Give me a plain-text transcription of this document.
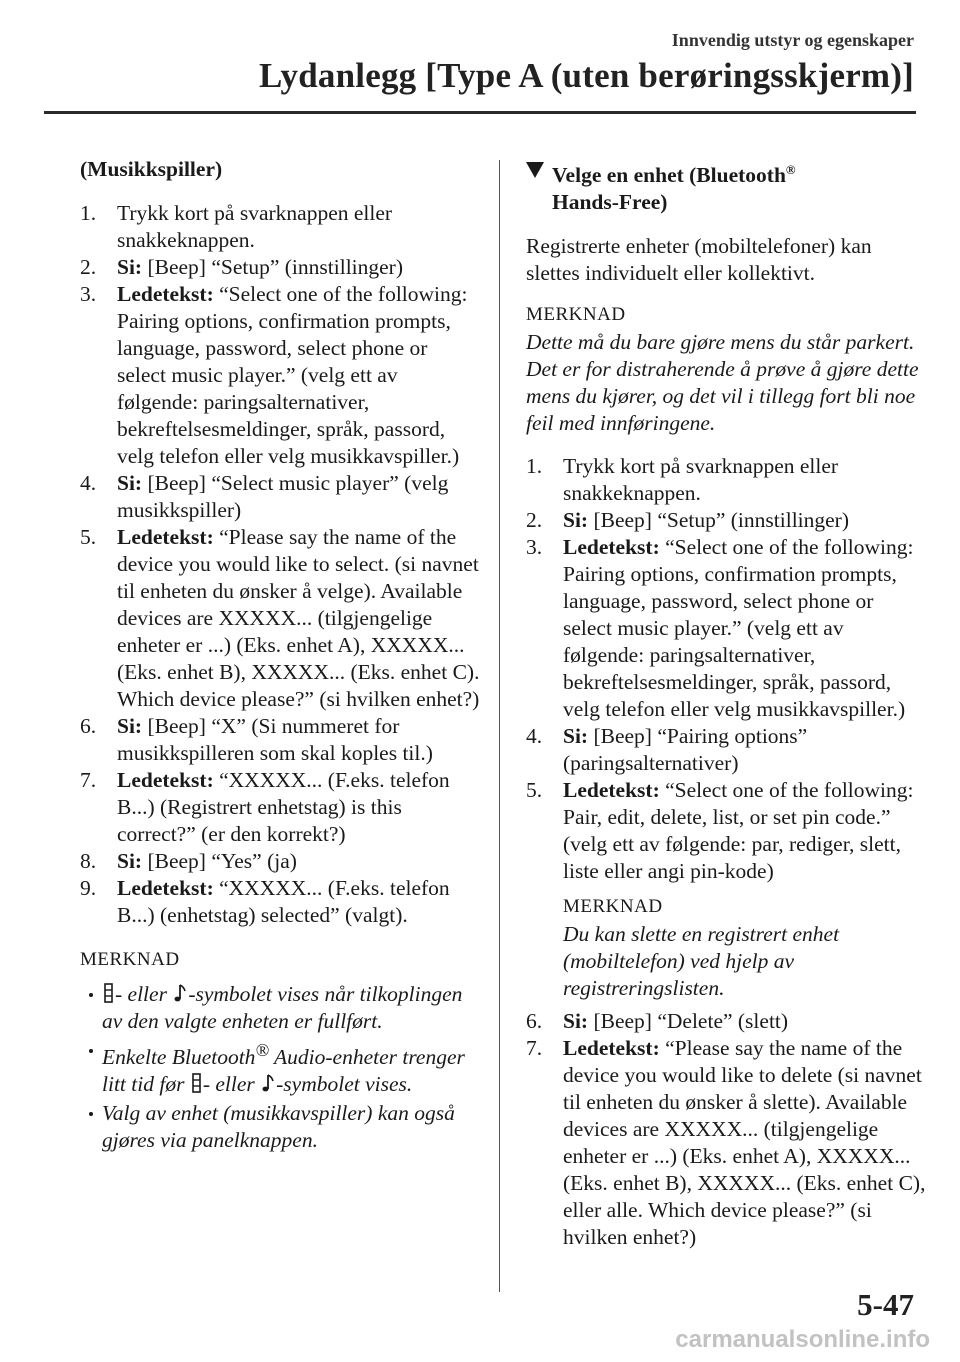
Innvendig utstyr og egenskaper
Lydanlegg [Type A (uten berøringsskjerm)]
(Musikkspiller)
1. Trykk kort på svarknappen eller snakkeknappen.
2. Si: [Beep] “Setup” (innstillinger)
3. Ledetekst: “Select one of the following: Pairing options, confirmation prompts, language, password, select phone or select music player.” (velg ett av følgende: paringsalternativer, bekreftelsesmeldinger, språk, passord, velg telefon eller velg musikkavspiller.)
4. Si: [Beep] “Select music player” (velg musikkspiller)
5. Ledetekst: “Please say the name of the device you would like to select. (si navnet til enheten du ønsker å velge). Available devices are XXXXX... (tilgjengelige enheter er ...) (Eks. enhet A), XXXXX... (Eks. enhet B), XXXXX... (Eks. enhet C). Which device please?” (si hvilken enhet?)
6. Si: [Beep] “X” (Si nummeret for musikkspilleren som skal koples til.)
7. Ledetekst: “XXXXX... (F.eks. telefon B...) (Registrert enhetstag) is this correct?” (er den korrekt?)
8. Si: [Beep] “Yes” (ja)
9. Ledetekst: “XXXXX... (F.eks. telefon B...) (enhetstag) selected” (valgt).
MERKNAD
- eller -symbolet vises når tilkoplingen av den valgte enheten er fullført.
Enkelte Bluetooth® Audio-enheter trenger litt tid før - eller -symbolet vises.
Valg av enhet (musikkavspiller) kan også gjøres via panelknappen.
Velge en enhet (Bluetooth®
Hands-Free)
Registrerte enheter (mobiltelefoner) kan slettes individuelt eller kollektivt.
MERKNAD
Dette må du bare gjøre mens du står parkert. Det er for distraherende å prøve å gjøre dette mens du kjører, og det vil i tillegg fort bli noe feil med innføringene.
1. Trykk kort på svarknappen eller snakkeknappen.
2. Si: [Beep] “Setup” (innstillinger)
3. Ledetekst: “Select one of the following: Pairing options, confirmation prompts, language, password, select phone or select music player.” (velg ett av følgende: paringsalternativer, bekreftelsesmeldinger, språk, passord, velg telefon eller velg musikkavspiller.)
4. Si: [Beep] “Pairing options” (paringsalternativer)
5. Ledetekst: “Select one of the following: Pair, edit, delete, list, or set pin code.” (velg ett av følgende: par, rediger, slett, liste eller angi pin-kode)
MERKNAD
Du kan slette en registrert enhet (mobiltelefon) ved hjelp av registreringslisten.
6. Si: [Beep] “Delete” (slett)
7. Ledetekst: “Please say the name of the device you would like to delete (si navnet til enheten du ønsker å slette). Available devices are XXXXX... (tilgjengelige enheter er ...) (Eks. enhet A), XXXXX... (Eks. enhet B), XXXXX... (Eks. enhet C), eller alle. Which device please?” (si hvilken enhet?)
5-47
carmanualsonline.info
